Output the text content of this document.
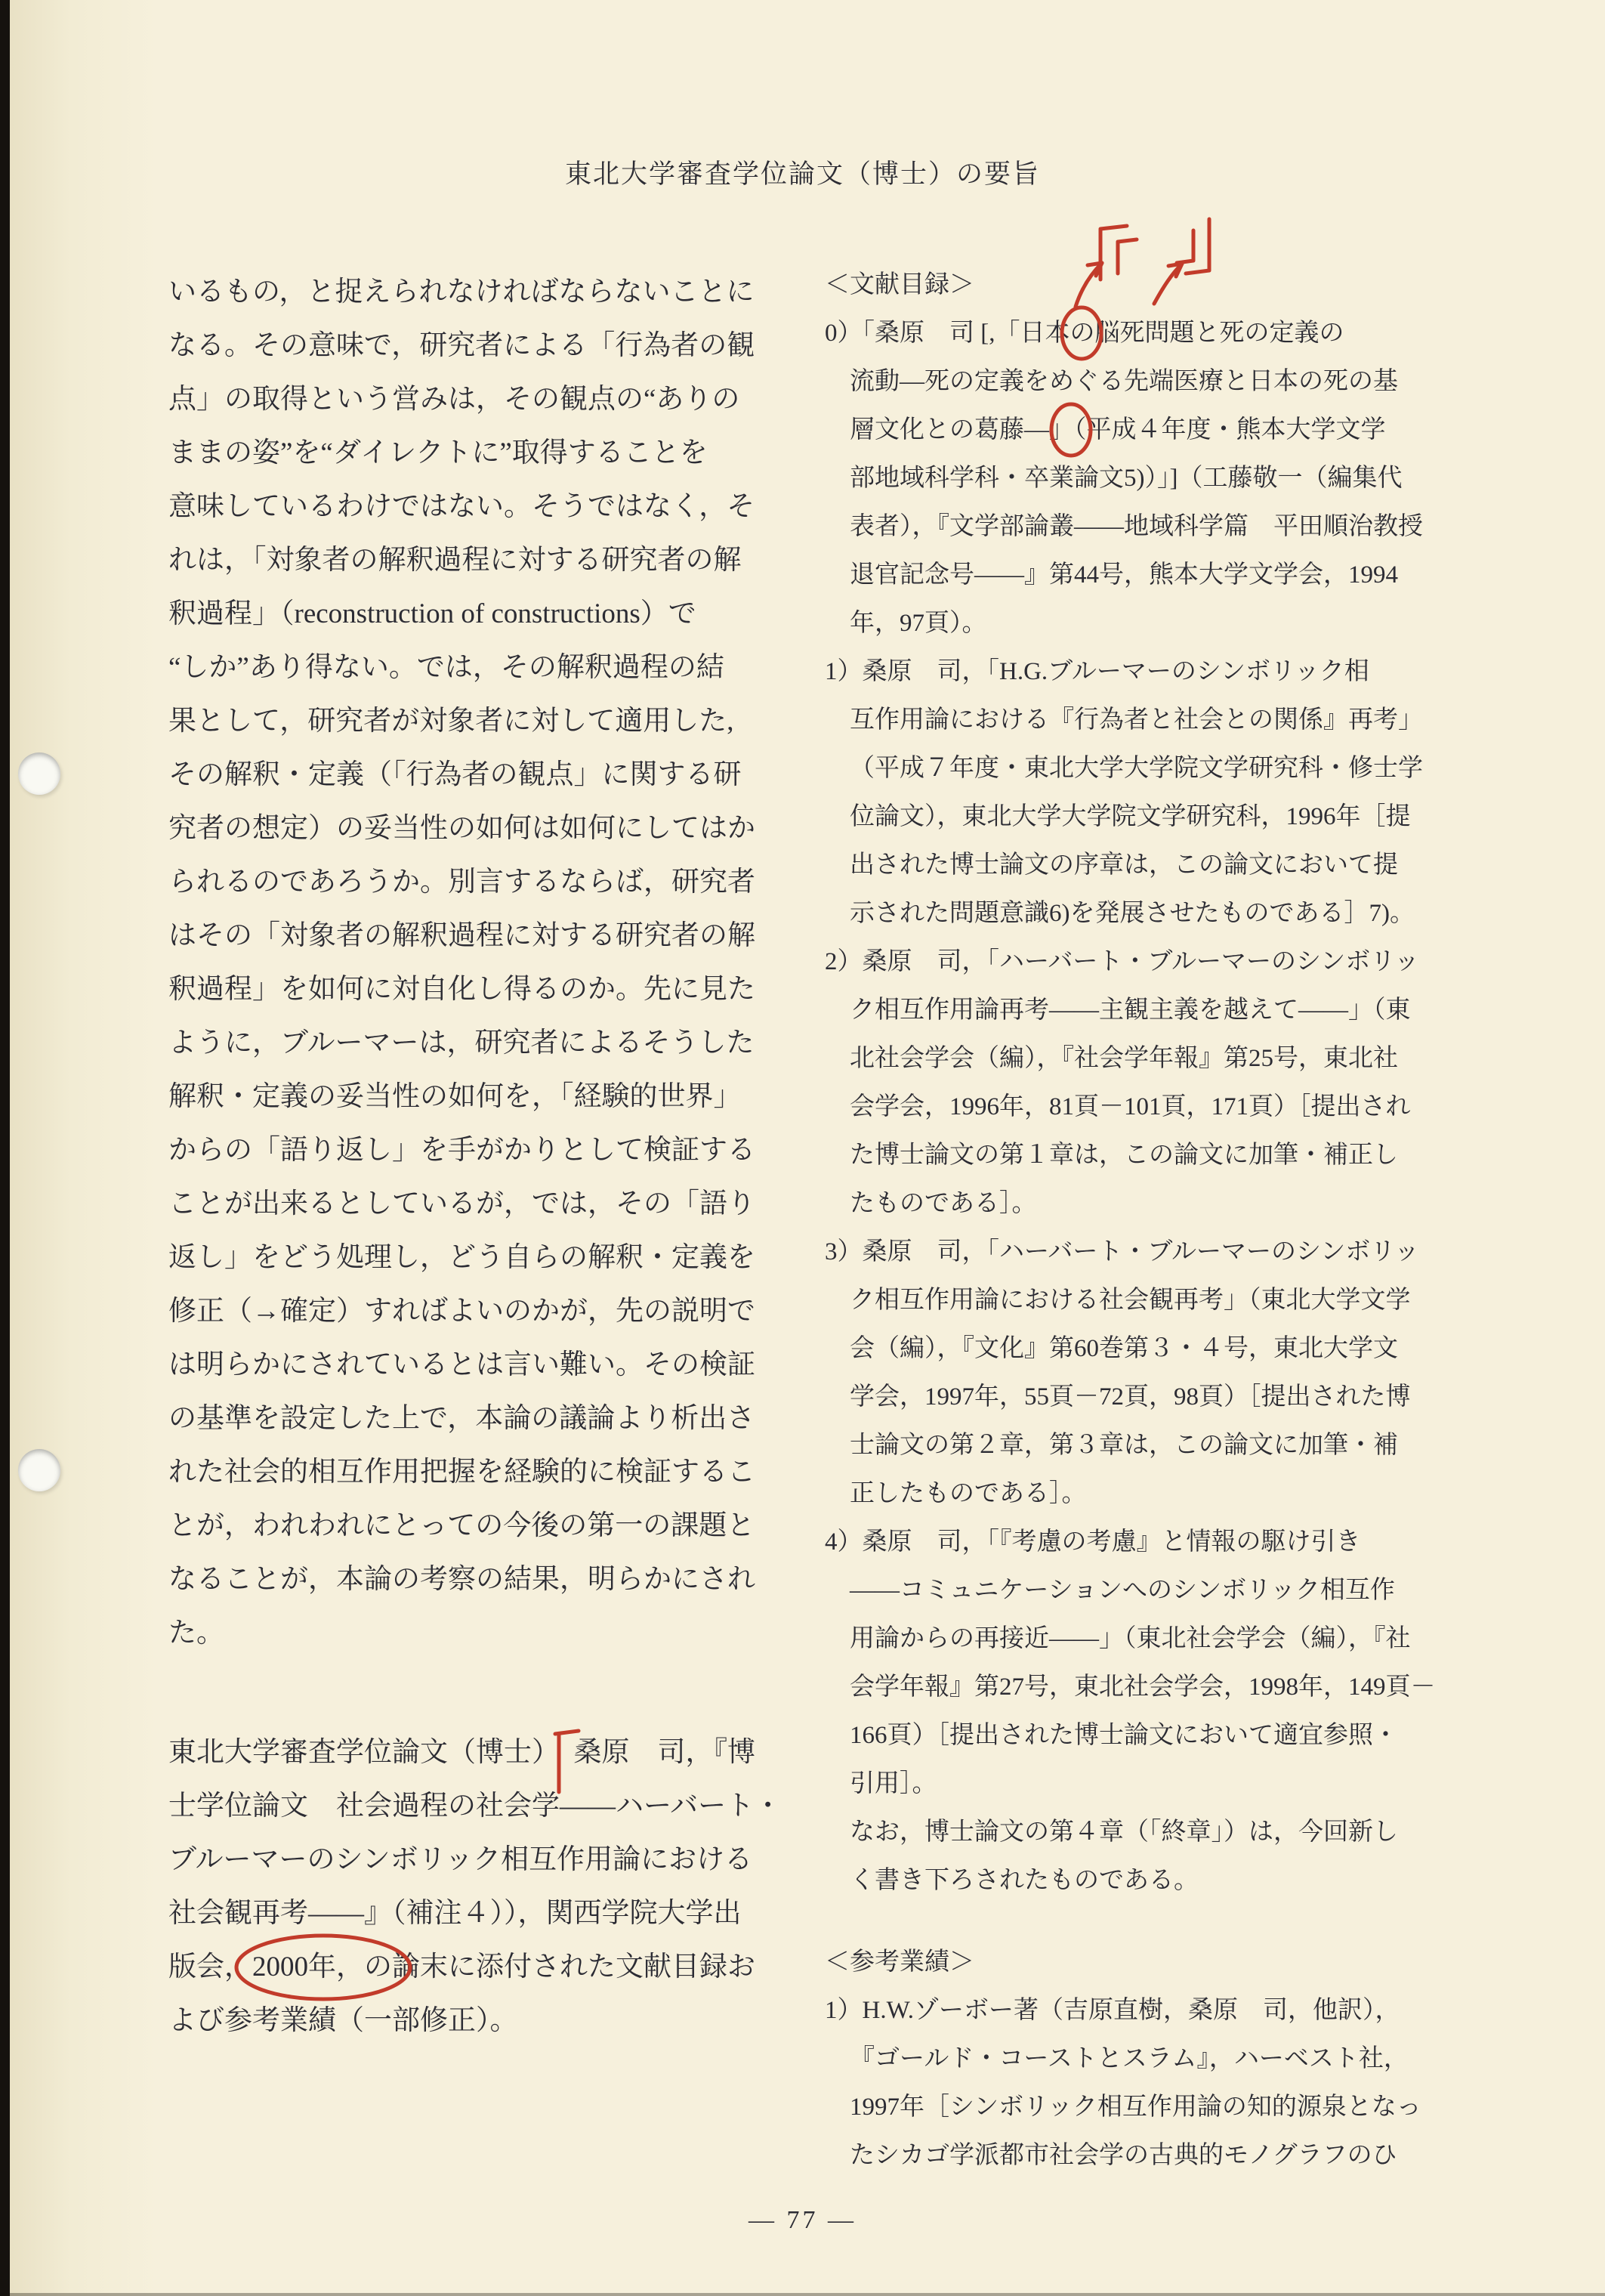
東北大学審査学位論文（博士）の要旨
いるもの，と捉えられなければならないことに
なる。その意味で，研究者による「行為者の観
点」の取得という営みは，その観点の“ありの
ままの姿”を“ダイレクトに”取得することを
意味しているわけではない。そうではなく，そ
れは，「対象者の解釈過程に対する研究者の解
釈過程」（reconstruction of constructions）で
“しか”あり得ない。では，その解釈過程の結
果として，研究者が対象者に対して適用した,
その解釈・定義（「行為者の観点」に関する研
究者の想定）の妥当性の如何は如何にしてはか
られるのであろうか。別言するならば，研究者
はその「対象者の解釈過程に対する研究者の解
釈過程」を如何に対自化し得るのか。先に見た
ように，ブルーマーは，研究者によるそうした
解釈・定義の妥当性の如何を，「経験的世界」
からの「語り返し」を手がかりとして検証する
ことが出来るとしているが，では，その「語り
返し」をどう処理し，どう自らの解釈・定義を
修正（→確定）すればよいのかが，先の説明で
は明らかにされているとは言い難い。その検証
の基準を設定した上で，本論の議論より析出さ
れた社会的相互作用把握を経験的に検証するこ
とが，われわれにとっての今後の第一の課題と
なることが，本論の考察の結果，明らかにされ
た。
東北大学審査学位論文（博士）　桑原　司，『博
士学位論文　社会過程の社会学――ハーバート・
ブルーマーのシンボリック相互作用論における
社会観再考――』（補注４）），関西学院大学出
版会，2000年，の論末に添付された文献目録お
よび参考業績（一部修正）。
＜文献目録＞
0）「桑原　司 [,「日本の脳死問題と死の定義の
流動―死の定義をめぐる先端医療と日本の死の基
層文化との葛藤―」（平成４年度・熊本大学文学
部地域科学科・卒業論文5)）」]（工藤敬一（編集代
表者），『文学部論叢――地域科学篇　平田順治教授
退官記念号――』第44号，熊本大学文学会，1994
年，97頁）。
1）桑原　司，「H.G.ブルーマーのシンボリック相
互作用論における『行為者と社会との関係』再考」
（平成７年度・東北大学大学院文学研究科・修士学
位論文），東北大学大学院文学研究科，1996年［提
出された博士論文の序章は，この論文において提
示された問題意識6)を発展させたものである］7)。
2）桑原　司，「ハーバート・ブルーマーのシンボリッ
ク相互作用論再考――主観主義を越えて――」（東
北社会学会（編），『社会学年報』第25号，東北社
会学会，1996年，81頁－101頁，171頁）［提出され
た博士論文の第１章は，この論文に加筆・補正し
たものである］。
3）桑原　司，「ハーバート・ブルーマーのシンボリッ
ク相互作用論における社会観再考」（東北大学文学
会（編），『文化』第60巻第３・４号，東北大学文
学会，1997年，55頁－72頁，98頁）［提出された博
士論文の第２章，第３章は，この論文に加筆・補
正したものである］。
4）桑原　司，「『考慮の考慮』と情報の駆け引き
――コミュニケーションへのシンボリック相互作
用論からの再接近――」（東北社会学会（編），『社
会学年報』第27号，東北社会学会，1998年，149頁－
166頁）［提出された博士論文において適宜参照・
引用］。
なお，博士論文の第４章（「終章」）は，今回新し
く書き下ろされたものである。
＜参考業績＞
1）H.W.ゾーボー著（吉原直樹，桑原　司，他訳），
『ゴールド・コーストとスラム』，ハーベスト社，
1997年［シンボリック相互作用論の知的源泉となっ
たシカゴ学派都市社会学の古典的モノグラフのひ
— 77 —
